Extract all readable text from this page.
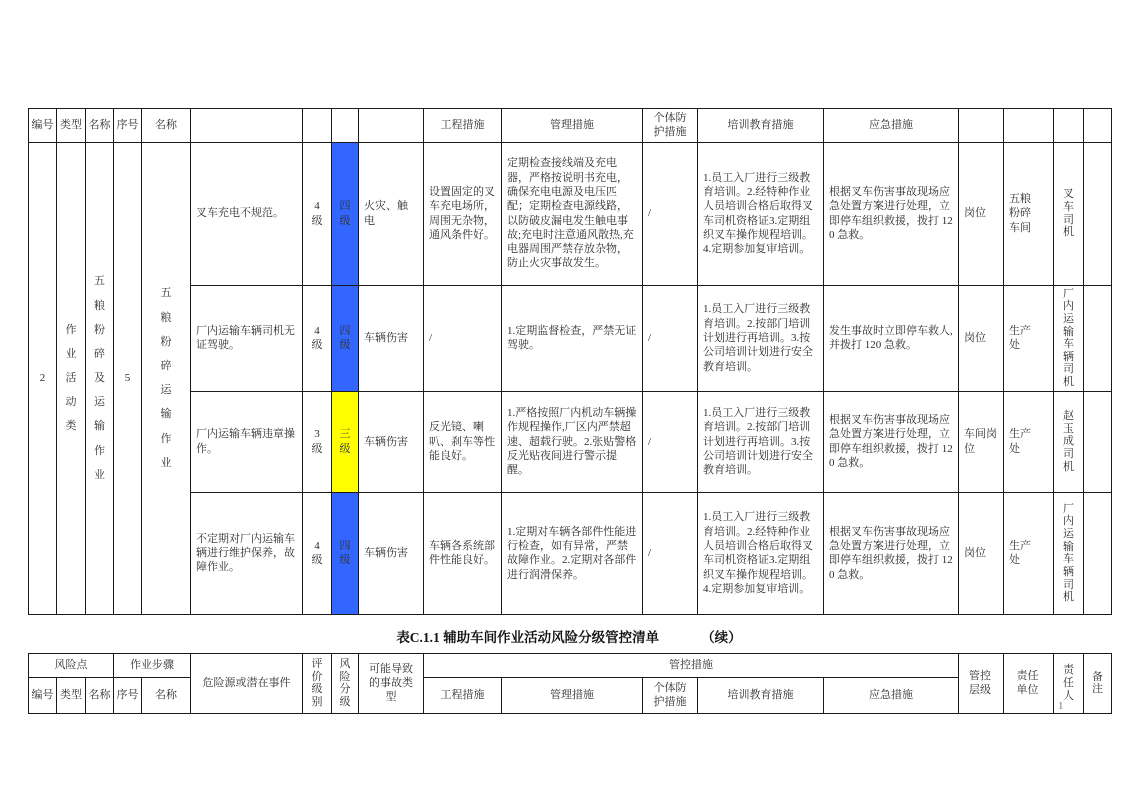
编号	类型	名称	序号	名称					工程措施	管理措施	个体防护措施	培训教育措施	应急措施				
2	作业活动类	五粮粉碎及运输作业	5	五粮粉碎运输作业	叉车充电不规范。	4级	四级	火灾、触电	设置固定的叉车充电场所，周围无杂物，通风条件好。	定期检查接线端及充电器，严格按说明书充电，确保充电电源及电压匹配；定期检查电源线路，以防破皮漏电发生触电事故;充电时注意通风散热,充电器周围严禁存放杂物，防止火灾事故发生。	/	1.员工入厂进行三级教育培训。2.经特种作业人员培训合格后取得叉车司机资格证3.定期组织叉车操作规程培训。4.定期参加复审培训。	根据叉车伤害事故现场应急处置方案进行处理，立即停车组织救援，拨打 120 急救。	岗位	五粮粉碎车间	叉车司机	
					厂内运输车辆司机无证驾驶。	4级	四级	车辆伤害	/	1.定期监督检查，严禁无证驾驶。	/	1.员工入厂进行三级教育培训。2.按部门培训计划进行再培训。3.按公司培训计划进行安全教育培训。	发生事故时立即停车救人,并拨打 120 急救。	岗位	生产处	厂内运输车辆司机	
					厂内运输车辆违章操作。	3级	三级	车辆伤害	反光镜、喇叭、刹车等性能良好。	1.严格按照厂内机动车辆操作规程操作,厂区内严禁超速、超载行驶。2.张贴警格反光贴夜间进行警示提醒。	/	1.员工入厂进行三级教育培训。2.按部门培训计划进行再培训。3.按公司培训计划进行安全教育培训。	根据叉车伤害事故现场应急处置方案进行处理，立即停车组织救援，拨打 120 急救。	车间岗位	生产处	赵玉成司机	
					不定期对厂内运输车辆进行维护保养，故障作业。	4级	四级	车辆伤害	车辆各系统部件性能良好。	1.定期对车辆各部件性能进行检查，如有异常，严禁故障作业。2.定期对各部件进行润滑保养。	/	1.员工入厂进行三级教育培训。2.经特种作业人员培训合格后取得叉车司机资格证3.定期组织叉车操作规程培训。4.定期参加复审培训。	根据叉车伤害事故现场应急处置方案进行处理，立即停车组织救援，拨打 120 急救。	岗位	生产处	厂内运输车辆司机	
表C.1.1 辅助车间作业活动风险分级管控清单	（续）
风险点			作业步骤		危险源或潜在事件	评价级别	风险分级	可能导致的事故类型	管控措施					管控层级	责任单位	责任人	备注
编号	类型	名称	序号	名称					工程措施	管理措施	个体防护措施	培训教育措施	应急措施				
1
